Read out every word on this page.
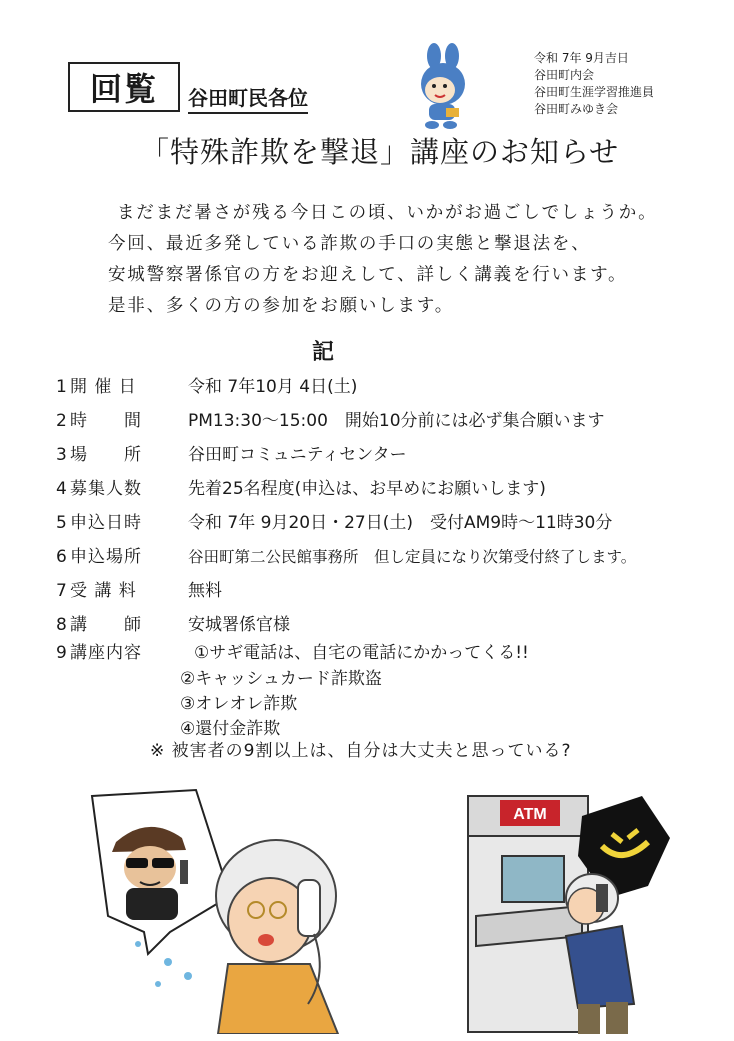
回覧	谷田町民各位
令和 7年 9月吉日
谷田町内会
谷田町生涯学習推進員
谷田町みゆき会
「特殊詐欺を撃退」講座のお知らせ
まだまだ暑さが残る今日この頃、いかがお過ごしでしょうか。
今回、最近多発している詐欺の手口の実態と撃退法を、
安城警察署係官の方をお迎えして、詳しく講義を行います。
是非、多くの方の参加をお願いします。
記
1 開 催 日	令和 7年10月 4日(土)
2 時　　間	PM13:30〜15:00　開始10分前には必ず集合願います
3 場　　所	谷田町コミュニティセンター
4 募集人数	先着25名程度(申込は、お早めにお願いします)
5 申込日時	令和 7年 9月20日・27日(土)　受付AM9時〜11時30分
6 申込場所	谷田町第二公民館事務所　但し定員になり次第受付終了します。
7 受 講 料	無料
8 講　　師	安城署係官様
9 講座内容	①サギ電話は、自宅の電話にかかってくる!!
②キャッシュカード詐欺盗
③オレオレ詐欺
④還付金詐欺
※ 被害者の9割以上は、自分は大丈夫と思っている?
ATM
